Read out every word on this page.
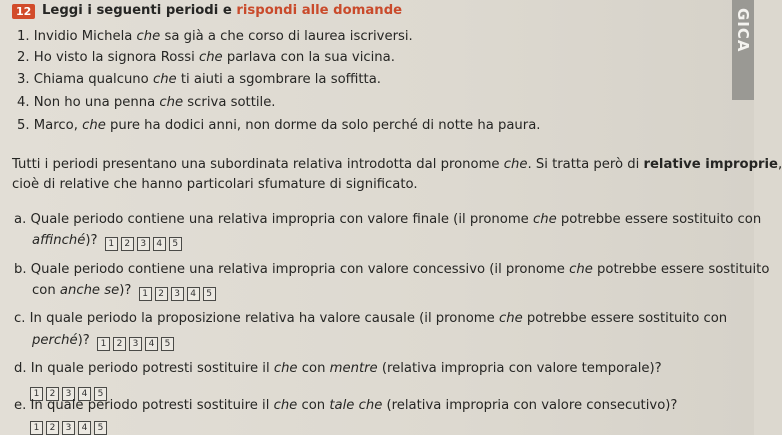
GICA
12 Leggi i seguenti periodi e rispondi alle domande
1. Invidio Michela che sa già a che corso di laurea iscriversi.
2. Ho visto la signora Rossi che parlava con la sua vicina.
3. Chiama qualcuno che ti aiuti a sgombrare la soffitta.
4. Non ho una penna che scriva sottile.
5. Marco, che pure ha dodici anni, non dorme da solo perché di notte ha paura.
Tutti i periodi presentano una subordinata relativa introdotta dal pronome che. Si tratta però di relative improprie,
cioè di relative che hanno particolari sfumature di significato.
a. Quale periodo contiene una relativa impropria con valore finale (il pronome che potrebbe essere sostituito con
affinché)?	1	2	3	4	5
b. Quale periodo contiene una relativa impropria con valore concessivo (il pronome che potrebbe essere sostituito
con anche se)?	1	2	3	4	5
c. In quale periodo la proposizione relativa ha valore causale (il pronome che potrebbe essere sostituito con
perché)?	1	2	3	4	5
d. In quale periodo potresti sostituire il che con mentre (relativa impropria con valore temporale)?
1	2	3	4	5
e. In quale periodo potresti sostituire il che con tale che (relativa impropria con valore consecutivo)?
1	2	3	4	5
